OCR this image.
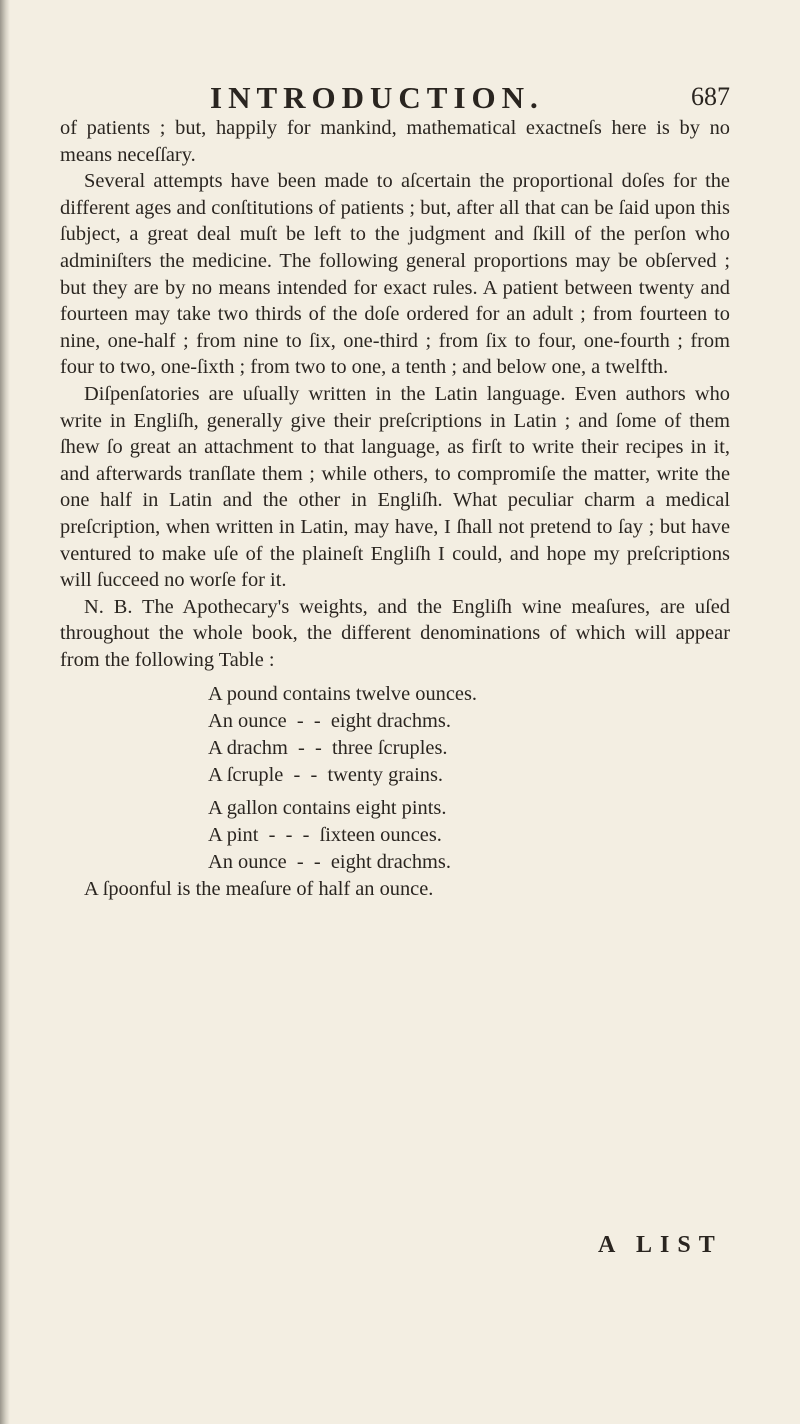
INTRODUCTION.	687

of patients ; but, happily for mankind, mathematical exactneſs here is by no means neceſſary.

Several attempts have been made to aſcertain the proportional doſes for the different ages and conſtitutions of patients ; but, after all that can be ſaid upon this ſubject, a great deal muſt be left to the judgment and ſkill of the perſon who adminiſters the medicine. The following general proportions may be obſerved ; but they are by no means intended for exact rules. A patient between twenty and fourteen may take two thirds of the doſe ordered for an adult ; from fourteen to nine, one-half ; from nine to ſix, one-third ; from ſix to four, one-fourth ; from four to two, one-ſixth ; from two to one, a tenth ; and below one, a twelfth.

Diſpenſatories are uſually written in the Latin language. Even authors who write in Engliſh, generally give their preſcriptions in Latin ; and ſome of them ſhew ſo great an attachment to that language, as firſt to write their recipes in it, and afterwards tranſlate them ; while others, to compromiſe the matter, write the one half in Latin and the other in Engliſh. What peculiar charm a medical preſcription, when written in Latin, may have, I ſhall not pretend to ſay ; but have ventured to make uſe of the plaineſt Engliſh I could, and hope my preſcriptions will ſucceed no worſe for it.

N. B. The Apothecary's weights, and the Engliſh wine meaſures, are uſed throughout the whole book, the different denominations of which will appear from the following Table :

A pound contains twelve ounces.
An ounce  -  -  eight drachms.
A drachm  -  -  three ſcruples.
A ſcruple  -  -  twenty grains.
A gallon contains eight pints.
A pint  -  -  -  ſixteen ounces.
An ounce  -  -  eight drachms.
A ſpoonful is the meaſure of half an ounce.
A LIST
